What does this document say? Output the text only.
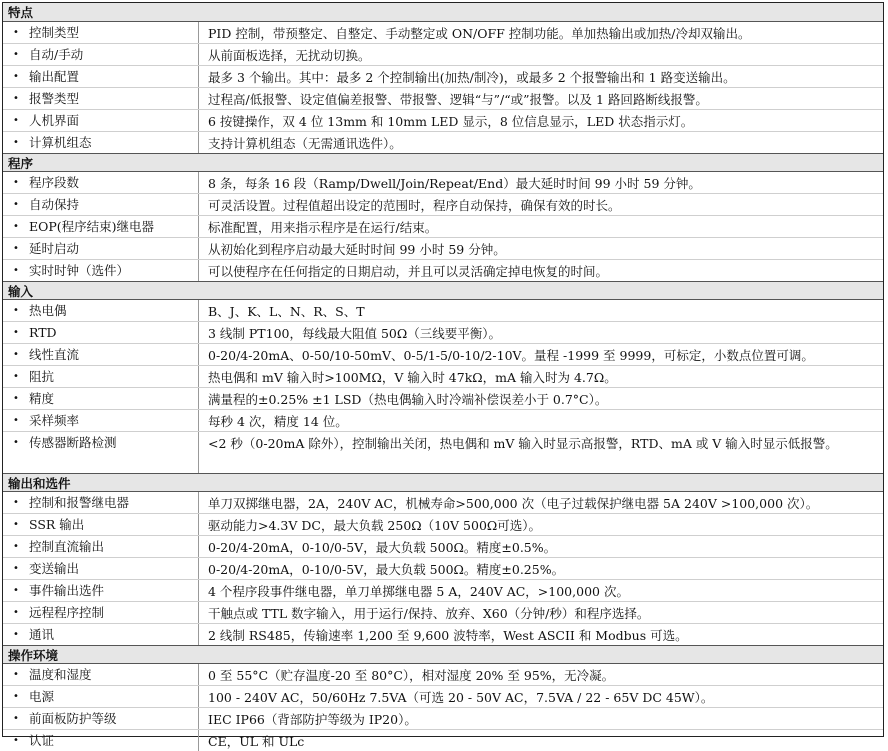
特点
• 控制类型	PID 控制，带预整定、自整定、手动整定或 ON/OFF 控制功能。单加热输出或加热/冷却双输出。
• 自动/手动	从前面板选择，无扰动切换。
• 输出配置	最多 3 个输出。其中：最多 2 个控制输出(加热/制冷)，或最多 2 个报警输出和 1 路变送输出。
• 报警类型	过程高/低报警、设定值偏差报警、带报警、逻辑“与”/“或”报警。以及 1 路回路断线报警。
• 人机界面	6 按键操作，双 4 位 13mm 和 10mm LED 显示，8 位信息显示，LED 状态指示灯。
• 计算机组态	支持计算机组态（无需通讯选件）。
程序
• 程序段数	8 条，每条 16 段（Ramp/Dwell/Join/Repeat/End）最大延时时间 99 小时 59 分钟。
• 自动保持	可灵活设置。过程值超出设定的范围时，程序自动保持，确保有效的时长。
• EOP(程序结束)继电器	标准配置，用来指示程序是在运行/结束。
• 延时启动	从初始化到程序启动最大延时时间 99 小时 59 分钟。
• 实时时钟（选件）	可以使程序在任何指定的日期启动，并且可以灵活确定掉电恢复的时间。
输入
• 热电偶	B、J、K、L、N、R、S、T
• RTD	3 线制 PT100，每线最大阻值 50Ω（三线要平衡）。
• 线性直流	0-20/4-20mA、0-50/10-50mV、0-5/1-5/0-10/2-10V。量程 -1999 至 9999，可标定，小数点位置可调。
• 阻抗	热电偶和 mV 输入时>100MΩ，V 输入时 47kΩ，mA 输入时为 4.7Ω。
• 精度	满量程的±0.25% ±1 LSD（热电偶输入时冷端补偿误差小于 0.7°C）。
• 采样频率	每秒 4 次，精度 14 位。
• 传感器断路检测	<2 秒（0-20mA 除外），控制输出关闭，热电偶和 mV 输入时显示高报警，RTD、mA 或 V 输入时显示低报警。
输出和选件
• 控制和报警继电器	单刀双掷继电器，2A，240V AC，机械寿命>500,000 次（电子过载保护继电器 5A 240V >100,000 次）。
• SSR 输出	驱动能力>4.3V DC，最大负载 250Ω（10V 500Ω可选）。
• 控制直流输出	0-20/4-20mA，0-10/0-5V，最大负载 500Ω。精度±0.5%。
• 变送输出	0-20/4-20mA，0-10/0-5V，最大负载 500Ω。精度±0.25%。
• 事件输出选件	4 个程序段事件继电器，单刀单掷继电器 5 A，240V AC，>100,000 次。
• 远程程序控制	干触点或 TTL 数字输入，用于运行/保持、放弃、X60（分钟/秒）和程序选择。
• 通讯	2 线制 RS485，传输速率 1,200 至 9,600 波特率，West ASCII 和 Modbus 可选。
操作环境
• 温度和湿度	0 至 55°C（贮存温度-20 至 80°C），相对湿度 20% 至 95%，无冷凝。
• 电源	100 - 240V AC，50/60Hz 7.5VA（可选 20 - 50V AC，7.5VA / 22 - 65V DC 45W）。
• 前面板防护等级	IEC IP66（背部防护等级为 IP20）。
• 认证	CE，UL 和 ULc
